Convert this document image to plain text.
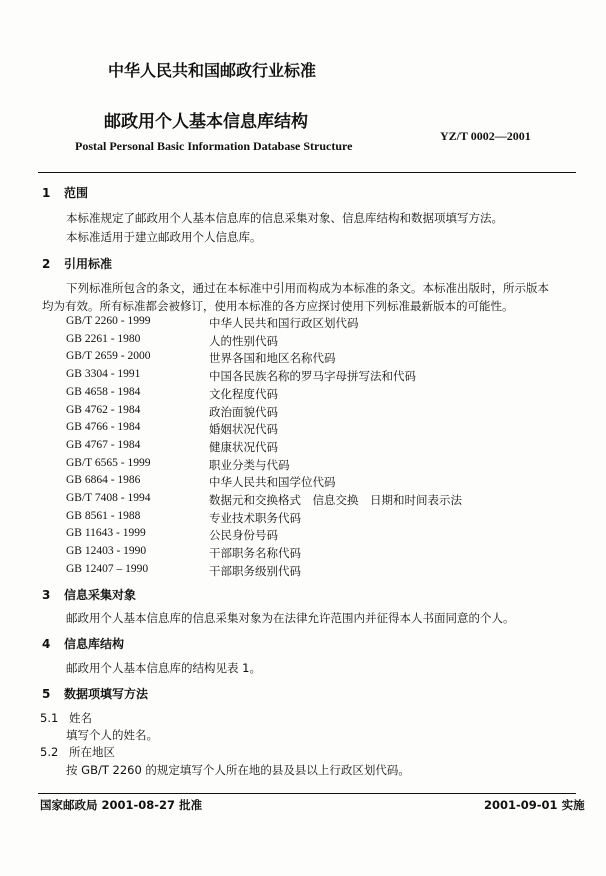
中华人民共和国邮政行业标准
邮政用个人基本信息库结构
YZ/T 0002—2001
Postal Personal Basic Information Database Structure
1 范围
本标准规定了邮政用个人基本信息库的信息采集对象、信息库结构和数据项填写方法。
本标准适用于建立邮政用个人信息库。
2 引用标准
下列标准所包含的条文，通过在本标准中引用而构成为本标准的条文。本标准出版时，所示版本
均为有效。所有标准都会被修订，使用本标准的各方应探讨使用下列标准最新版本的可能性。
GB/T 2260 - 1999	中华人民共和国行政区划代码
GB 2261 - 1980	人的性别代码
GB/T 2659 - 2000	世界各国和地区名称代码
GB 3304 - 1991	中国各民族名称的罗马字母拼写法和代码
GB 4658 - 1984	文化程度代码
GB 4762 - 1984	政治面貌代码
GB 4766 - 1984	婚姻状况代码
GB 4767 - 1984	健康状况代码
GB/T 6565 - 1999	职业分类与代码
GB 6864 - 1986	中华人民共和国学位代码
GB/T 7408 - 1994	数据元和交换格式　信息交换　日期和时间表示法
GB 8561 - 1988	专业技术职务代码
GB 11643 - 1999	公民身份号码
GB 12403 - 1990	干部职务名称代码
GB 12407 – 1990	干部职务级别代码
3 信息采集对象
邮政用个人基本信息库的信息采集对象为在法律允许范围内并征得本人书面同意的个人。
4 信息库结构
邮政用个人基本信息库的结构见表 1。
5 数据项填写方法
5.1 姓名
填写个人的姓名。
5.2 所在地区
按 GB/T 2260 的规定填写个人所在地的县及县以上行政区划代码。
国家邮政局 2001-08-27 批准	2001-09-01 实施
